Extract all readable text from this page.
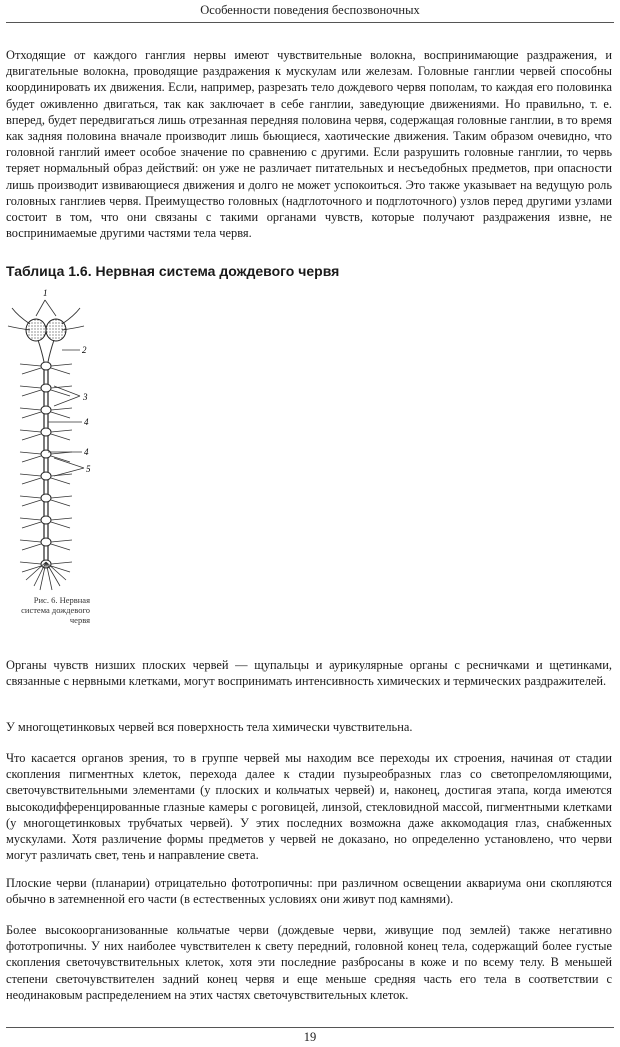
Особенности поведения беспозвоночных

Отходящие от каждого ганглия нервы имеют чувствительные волокна, воспринимающие раздражения, и двигательные волокна, проводящие раздражения к мускулам или железам. Головные ганглии червей способны координировать их движения. Если, например, разрезать тело дождевого червя пополам, то каждая его половинка будет оживленно двигаться, так как заключает в себе ганглии, заведующие движениями. Но правильно, т. е. вперед, будет передвигаться лишь отрезанная передняя половина червя, содержащая головные ганглии, в то время как задняя половина вначале производит лишь бьющиеся, хаотические движения. Таким образом очевидно, что головной ганглий имеет особое значение по сравнению с другими. Если разрушить головные ганглии, то червь теряет нормальный образ действий: он уже не различает питательных и несъедобных предметов, при опасности лишь производит извивающиеся движения и долго не может успокоиться. Это также указывает на ведущую роль головных ганглиев червя. Преимущество головных (надглоточного и подглоточного) узлов перед другими узлами состоит в том, что они связаны с такими органами чувств, которые получают раздражения извне, не воспринимаемые другими частями тела червя.

Таблица 1.6. Нервная система дождевого червя
1
2
3
4
4
5
Рис. 6. Нервная система дождевого червя

Органы чувств низших плоских червей — щупальцы и аурикулярные органы с ресничками и щетинками, связанные с нервными клетками, могут воспринимать интенсивность химических и термических раздражителей.

У многощетинковых червей вся поверхность тела химически чувствительна.

Что касается органов зрения, то в группе червей мы находим все переходы их строения, начиная от стадии скопления пигментных клеток, перехода далее к стадии пузыреобразных глаз со светопреломляющими, светочувствительными элементами (у плоских и кольчатых червей) и, наконец, достигая этапа, когда имеются высокодифференцированные глазные камеры с роговицей, линзой, стекловидной массой, пигментными клетками (у многощетинковых трубчатых червей). У этих последних возможна даже аккомодация глаз, снабженных мускулами. Хотя различение формы предметов у червей не доказано, но определенно установлено, что черви могут различать свет, тень и направление света.

Плоские черви (планарии) отрицательно фототропичны: при различном освещении аквариума они скопляются обычно в затемненной его части (в естественных условиях они живут под камнями).

Более высокоорганизованные кольчатые черви (дождевые черви, живущие под землей) также негативно фототропичны. У них наиболее чувствителен к свету передний, головной конец тела, содержащий более густые скопления светочувствительных клеток, хотя эти последние разбросаны в коже и по всему телу. В меньшей степени светочувствителен задний конец червя и еще меньше средняя часть его тела в соответствии с неодинаковым распределением на этих частях светочувствительных клеток.

19
